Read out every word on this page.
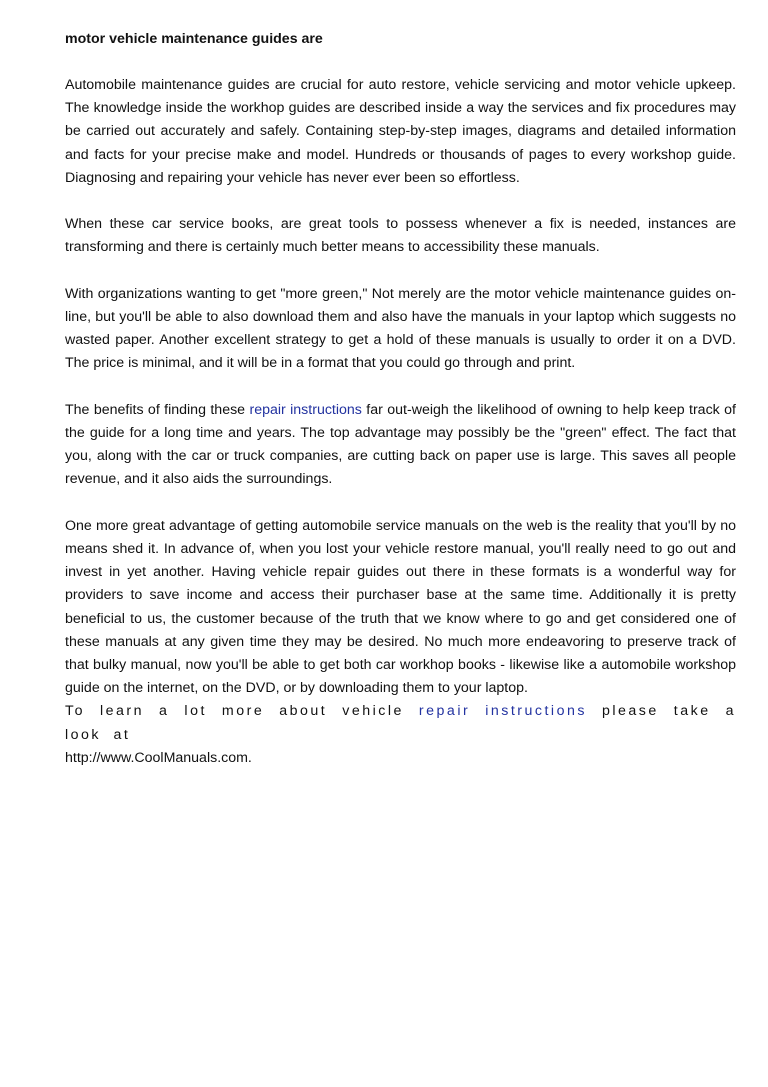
motor vehicle maintenance guides are

Automobile maintenance guides are crucial for auto restore, vehicle servicing and motor vehicle upkeep. The knowledge inside the workhop guides are described inside a way the services and fix procedures may be carried out accurately and safely. Containing step-by-step images, diagrams and detailed information and facts for your precise make and model. Hundreds or thousands of pages to every workshop guide. Diagnosing and repairing your vehicle has never ever been so effortless.

When these car service books, are great tools to possess whenever a fix is needed, instances are transforming and there is certainly much better means to accessibility these manuals.

With organizations wanting to get "more green," Not merely are the motor vehicle maintenance guides on-line, but you'll be able to also download them and also have the manuals in your laptop which suggests no wasted paper. Another excellent strategy to get a hold of these manuals is usually to order it on a DVD. The price is minimal, and it will be in a format that you could go through and print.

The benefits of finding these repair instructions far out-weigh the likelihood of owning to help keep track of the guide for a long time and years. The top advantage may possibly be the "green" effect. The fact that you, along with the car or truck companies, are cutting back on paper use is large. This saves all people revenue, and it also aids the surroundings.

One more great advantage of getting automobile service manuals on the web is the reality that you'll by no means shed it. In advance of, when you lost your vehicle restore manual, you'll really need to go out and invest in yet another. Having vehicle repair guides out there in these formats is a wonderful way for providers to save income and access their purchaser base at the same time. Additionally it is pretty beneficial to us, the customer because of the truth that we know where to go and get considered one of these manuals at any given time they may be desired. No much more endeavoring to preserve track of that bulky manual, now you'll be able to get both car workhop books - likewise like a automobile workshop guide on the internet, on the DVD, or by downloading them to your laptop.

To learn a lot more about vehicle repair instructions please take a look at
http://www.CoolManuals.com.
